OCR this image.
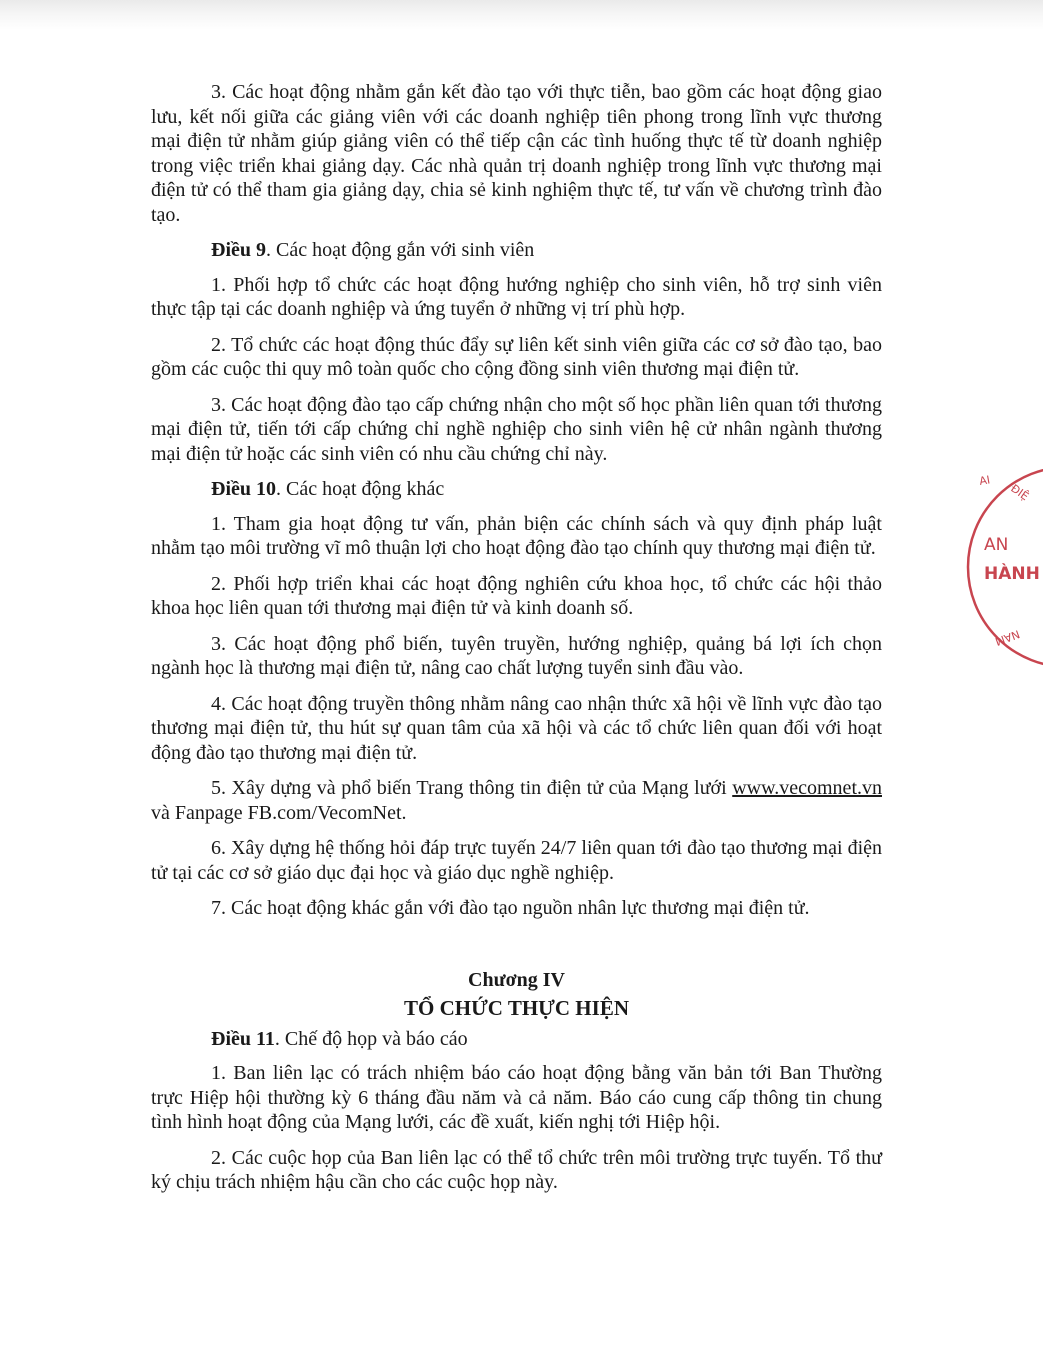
3. Các hoạt động nhằm gắn kết đào tạo với thực tiễn, bao gồm các hoạt động giao lưu, kết nối giữa các giảng viên với các doanh nghiệp tiên phong trong lĩnh vực thương mại điện tử nhằm giúp giảng viên có thể tiếp cận các tình huống thực tế từ doanh nghiệp trong việc triển khai giảng dạy. Các nhà quản trị doanh nghiệp trong lĩnh vực thương mại điện tử có thể tham gia giảng dạy, chia sẻ kinh nghiệm thực tế, tư vấn về chương trình đào tạo.

Điều 9. Các hoạt động gắn với sinh viên

1. Phối hợp tổ chức các hoạt động hướng nghiệp cho sinh viên, hỗ trợ sinh viên thực tập tại các doanh nghiệp và ứng tuyển ở những vị trí phù hợp.

2. Tổ chức các hoạt động thúc đẩy sự liên kết sinh viên giữa các cơ sở đào tạo, bao gồm các cuộc thi quy mô toàn quốc cho cộng đồng sinh viên thương mại điện tử.

3. Các hoạt động đào tạo cấp chứng nhận cho một số học phần liên quan tới thương mại điện tử, tiến tới cấp chứng chỉ nghề nghiệp cho sinh viên hệ cử nhân ngành thương mại điện tử hoặc các sinh viên có nhu cầu chứng chỉ này.

Điều 10. Các hoạt động khác

1. Tham gia hoạt động tư vấn, phản biện các chính sách và quy định pháp luật nhằm tạo môi trường vĩ mô thuận lợi cho hoạt động đào tạo chính quy thương mại điện tử.

2. Phối hợp triển khai các hoạt động nghiên cứu khoa học, tổ chức các hội thảo khoa học liên quan tới thương mại điện tử và kinh doanh số.

3. Các hoạt động phổ biến, tuyên truyền, hướng nghiệp, quảng bá lợi ích chọn ngành học là thương mại điện tử, nâng cao chất lượng tuyển sinh đầu vào.

4. Các hoạt động truyền thông nhằm nâng cao nhận thức xã hội về lĩnh vực đào tạo thương mại điện tử, thu hút sự quan tâm của xã hội và các tổ chức liên quan đối với hoạt động đào tạo thương mại điện tử.

5. Xây dựng và phổ biến Trang thông tin điện tử của Mạng lưới www.vecomnet.vn và Fanpage FB.com/VecomNet.

6. Xây dựng hệ thống hỏi đáp trực tuyến 24/7 liên quan tới đào tạo thương mại điện tử tại các cơ sở giáo dục đại học và giáo dục nghề nghiệp.

7. Các hoạt động khác gắn với đào tạo nguồn nhân lực thương mại điện tử.

Chương IV

TỔ CHỨC THỰC HIỆN

Điều 11. Chế độ họp và báo cáo

1. Ban liên lạc có trách nhiệm báo cáo hoạt động bằng văn bản tới Ban Thường trực Hiệp hội thường kỳ 6 tháng đầu năm và cả năm. Báo cáo cung cấp thông tin chung tình hình hoạt động của Mạng lưới, các đề xuất, kiến nghị tới Hiệp hội.

2. Các cuộc họp của Ban liên lạc có thể tổ chức trên môi trường trực tuyến. Tổ thư ký chịu trách nhiệm hậu cần cho các cuộc họp này.

AI
ĐIỆ
AN
HÀNH
NAM
